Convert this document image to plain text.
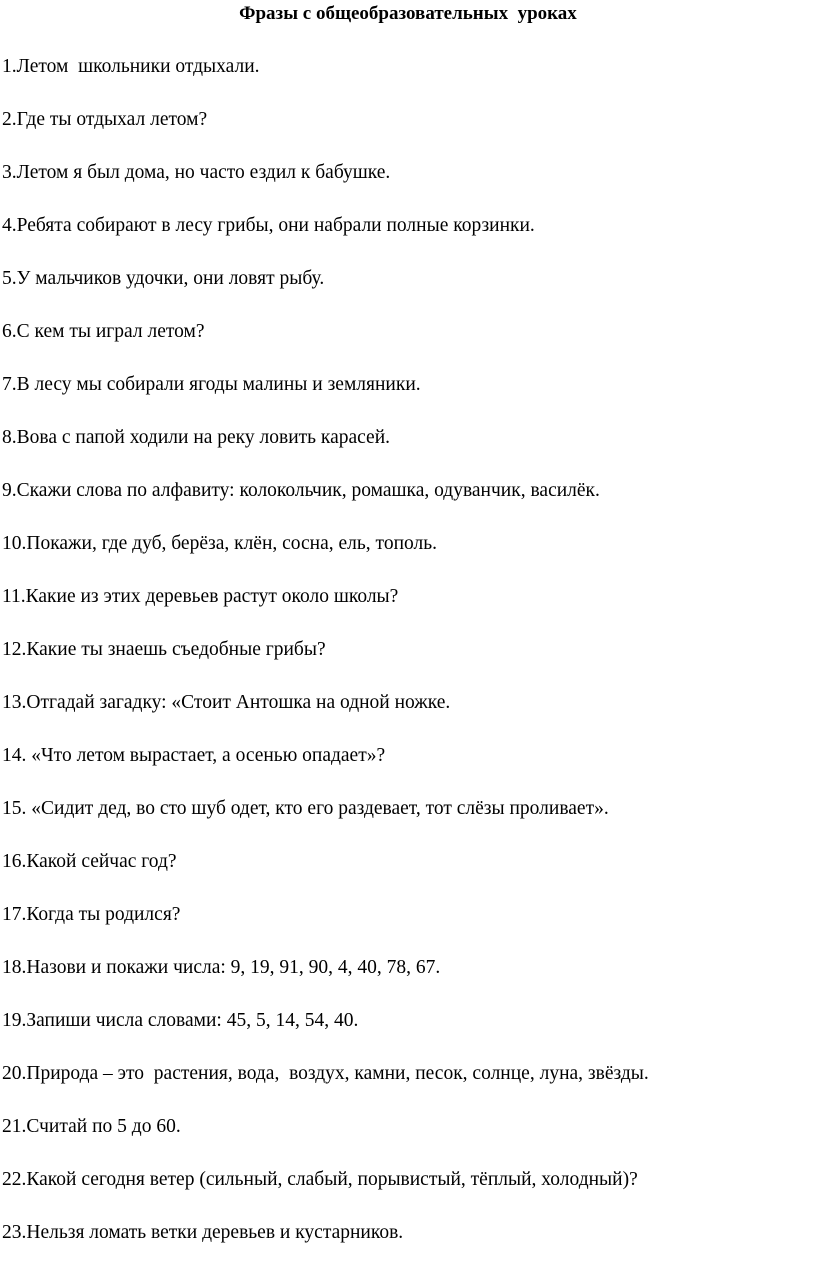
Фразы с общеобразовательных  уроках
1.Летом  школьники отдыхали.
2.Где ты отдыхал летом?
3.Летом я был дома, но часто ездил к бабушке.
4.Ребята собирают в лесу грибы, они набрали полные корзинки.
5.У мальчиков удочки, они ловят рыбу.
6.С кем ты играл летом?
7.В лесу мы собирали ягоды малины и земляники.
8.Вова с папой ходили на реку ловить карасей.
9.Скажи слова по алфавиту: колокольчик, ромашка, одуванчик, василёк.
10.Покажи, где дуб, берёза, клён, сосна, ель, тополь.
11.Какие из этих деревьев растут около школы?
12.Какие ты знаешь съедобные грибы?
13.Отгадай загадку: «Стоит Антошка на одной ножке.
14. «Что летом вырастает, а осенью опадает»?
15. «Сидит дед, во сто шуб одет, кто его раздевает, тот слёзы проливает».
16.Какой сейчас год?
17.Когда ты родился?
18.Назови и покажи числа: 9, 19, 91, 90, 4, 40, 78, 67.
19.Запиши числа словами: 45, 5, 14, 54, 40.
20.Природа – это  растения, вода,  воздух, камни, песок, солнце, луна, звёзды.
21.Считай по 5 до 60.
22.Какой сегодня ветер (сильный, слабый, порывистый, тёплый, холодный)?
23.Нельзя ломать ветки деревьев и кустарников.
